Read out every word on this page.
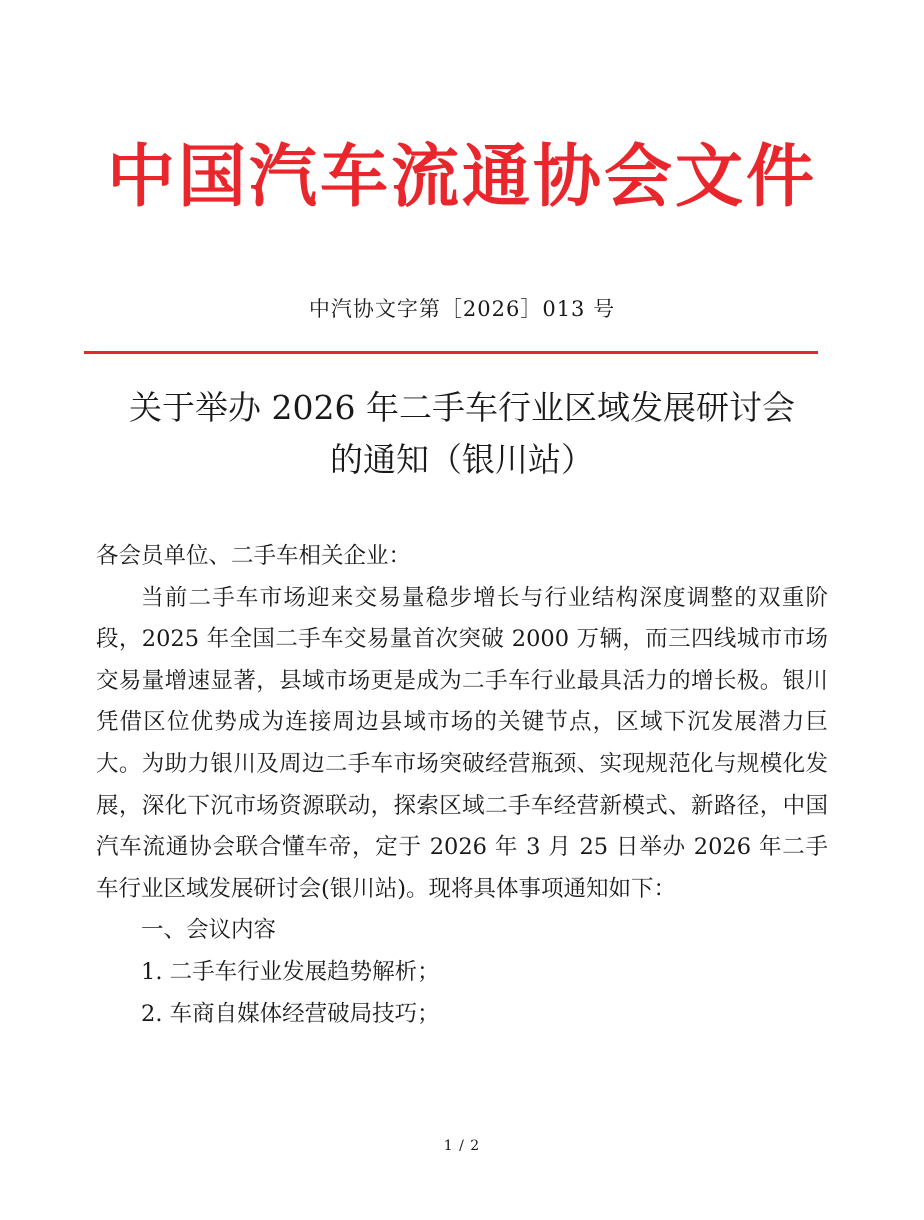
中国汽车流通协会文件
中汽协文字第［2026］013 号
关于举办 2026 年二手车行业区域发展研讨会
的通知（银川站）

各会员单位、二手车相关企业：

当前二手车市场迎来交易量稳步增长与行业结构深度调整的双重阶段，2025 年全国二手车交易量首次突破 2000 万辆，而三四线城市市场交易量增速显著，县域市场更是成为二手车行业最具活力的增长极。银川凭借区位优势成为连接周边县域市场的关键节点，区域下沉发展潜力巨大。为助力银川及周边二手车市场突破经营瓶颈、实现规范化与规模化发展，深化下沉市场资源联动，探索区域二手车经营新模式、新路径，中国汽车流通协会联合懂车帝，定于 2026 年 3 月 25 日举办 2026 年二手车行业区域发展研讨会(银川站)。现将具体事项通知如下：

一、会议内容

1. 二手车行业发展趋势解析；

2. 车商自媒体经营破局技巧；

1 / 2
